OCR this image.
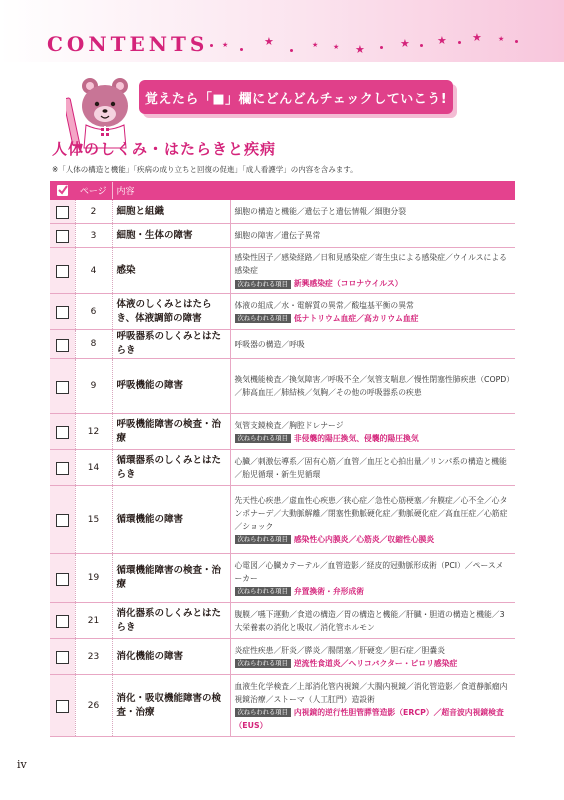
CONTENTS ★	★	★ ★ ★	★ ★ ★ ★
覚えたら「■」欄にどんどんチェックしていこう!
人体のしくみ・はたらきと疾病
※「人体の構造と機能」「疾病の成り立ちと回復の促進」「成人看護学」の内容を含みます。
	ページ	内容	
	2	細胞と組織	細胞の構造と機能／遺伝子と遺伝情報／細胞分裂

	3	細胞・生体の障害	細胞の障害／遺伝子異常

	4	感染	感染性因子／感染経路／日和見感染症／寄生虫による感染症／ウイルスによる感染症
次ねらわれる項目 新興感染症（コロナウイルス）

	6	体液のしくみとはたらき、体液調節の障害	体液の組成／水・電解質の異常／酸塩基平衡の異常
次ねらわれる項目 低ナトリウム血症／高カリウム血症

	8	呼吸器系のしくみとはたらき	呼吸器の構造／呼吸

	9	呼吸機能の障害	換気機能検査／換気障害／呼吸不全／気管支喘息／慢性閉塞性肺疾患（COPD）／肺高血圧／肺結核／気胸／その他の呼吸器系の疾患

	12	呼吸機能障害の検査・治療	気管支鏡検査／胸腔ドレナージ
次ねらわれる項目 非侵襲的陽圧換気、侵襲的陽圧換気

	14	循環器系のしくみとはたらき	心臓／刺激伝導系／固有心筋／血管／血圧と心拍出量／リンパ系の構造と機能／胎児循環・新生児循環

	15	循環機能の障害	先天性心疾患／虚血性心疾患／狭心症／急性心筋梗塞／弁膜症／心不全／心タンポナーデ／大動脈解離／閉塞性動脈硬化症／動脈硬化症／高血圧症／心筋症／ショック
次ねらわれる項目 感染性心内膜炎／心筋炎／収縮性心膜炎

	19	循環機能障害の検査・治療	心電図／心臓カテーテル／血管造影／経皮的冠動脈形成術（PCI）／ペースメーカー
次ねらわれる項目 弁置換術・弁形成術

	21	消化器系のしくみとはたらき	腹膜／嚥下運動／食道の構造／胃の構造と機能／肝臓・胆道の構造と機能／3大栄養素の消化と吸収／消化管ホルモン

	23	消化機能の障害	炎症性疾患／肝炎／膵炎／腸閉塞／肝硬変／胆石症／胆嚢炎
次ねらわれる項目 逆流性食道炎／ヘリコバクター・ピロリ感染症

	26	消化・吸収機能障害の検査・治療	血液生化学検査／上部消化管内視鏡／大腸内視鏡／消化管造影／食道静脈瘤内視鏡治療／ストーマ（人工肛門）造設術
次ねらわれる項目 内視鏡的逆行性胆管膵管造影（ERCP）／超音波内視鏡検査（EUS）
iv
